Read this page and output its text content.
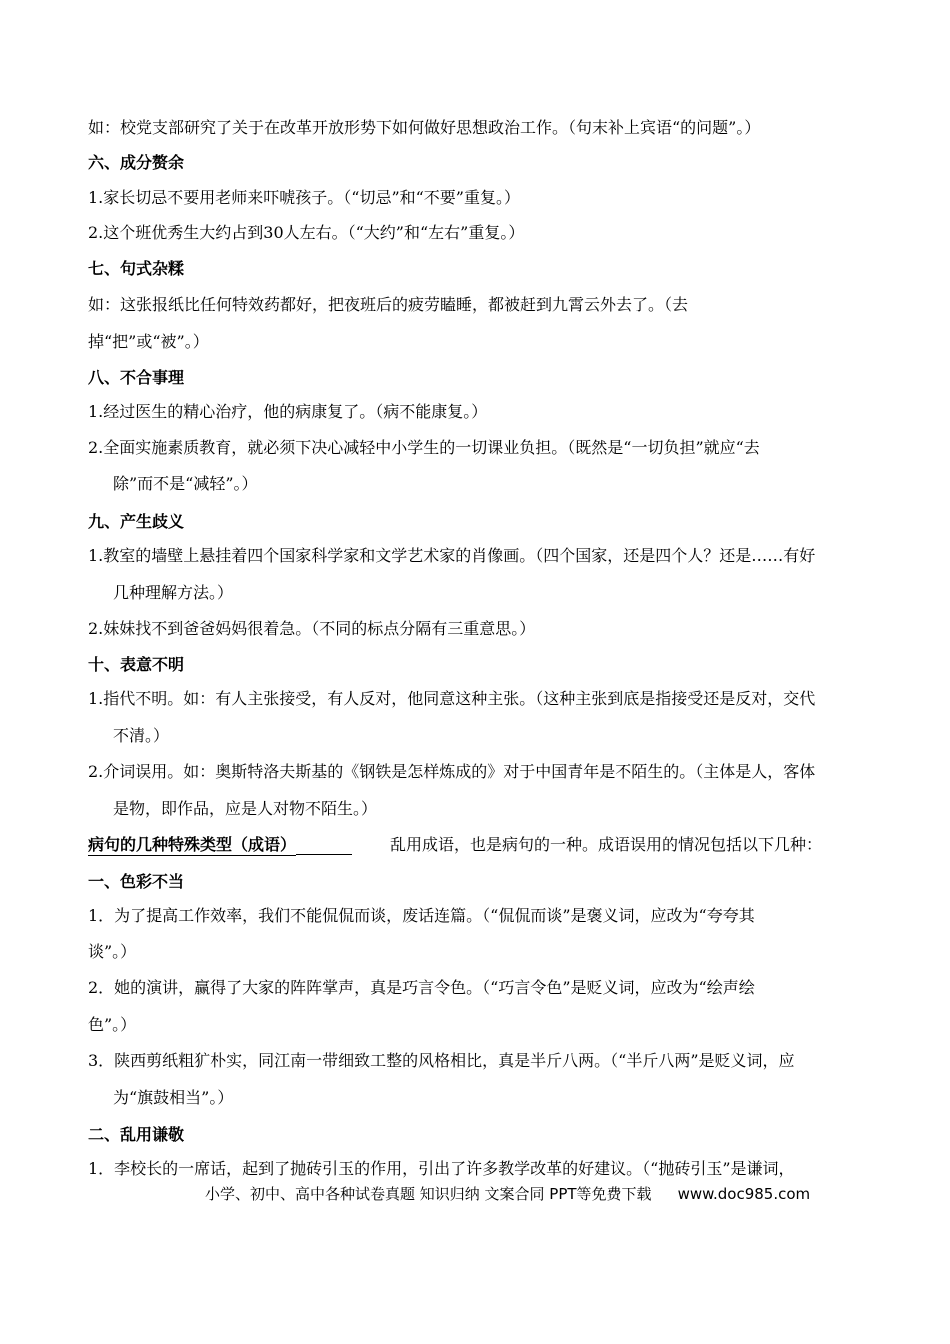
如：校党支部研究了关于在改革开放形势下如何做好思想政治工作。（句末补上宾语“的问题”。）
六、成分赘余
1.家长切忌不要用老师来吓唬孩子。（“切忌”和“不要”重复。）
2.这个班优秀生大约占到30人左右。（“大约”和“左右”重复。）
七、句式杂糅
如：这张报纸比任何特效药都好，把夜班后的疲劳瞌睡，都被赶到九霄云外去了。（去
掉“把”或“被”。）
八、不合事理
1.经过医生的精心治疗，他的病康复了。（病不能康复。）
2.全面实施素质教育，就必须下决心减轻中小学生的一切课业负担。（既然是“一切负担”就应“去
除”而不是“减轻”。）
九、产生歧义
1.教室的墙壁上悬挂着四个国家科学家和文学艺术家的肖像画。（四个国家，还是四个人？还是……有好
几种理解方法。）
2.妹妹找不到爸爸妈妈很着急。（不同的标点分隔有三重意思。）
十、表意不明
1.指代不明。如：有人主张接受，有人反对，他同意这种主张。（这种主张到底是指接受还是反对，交代
不清。）
2.介词误用。如：奥斯特洛夫斯基的《钢铁是怎样炼成的》对于中国青年是不陌生的。（主体是人，客体
是物，即作品，应是人对物不陌生。）
病句的几种特殊类型（成语）	乱用成语，也是病句的一种。成语误用的情况包括以下几种：
一、色彩不当
1．为了提高工作效率，我们不能侃侃而谈，废话连篇。（“侃侃而谈”是褒义词，应改为“夸夸其
谈”。）
2．她的演讲，赢得了大家的阵阵掌声，真是巧言令色。（“巧言令色”是贬义词，应改为“绘声绘
色”。）
3．陕西剪纸粗犷朴实，同江南一带细致工整的风格相比，真是半斤八两。（“半斤八两”是贬义词，应
为“旗鼓相当”。）
二、乱用谦敬
1．李校长的一席话，起到了抛砖引玉的作用，引出了许多教学改革的好建议。（“抛砖引玉”是谦词，
小学、初中、高中各种试卷真题 知识归纳 文案合同 PPT等免费下载 www.doc985.com
